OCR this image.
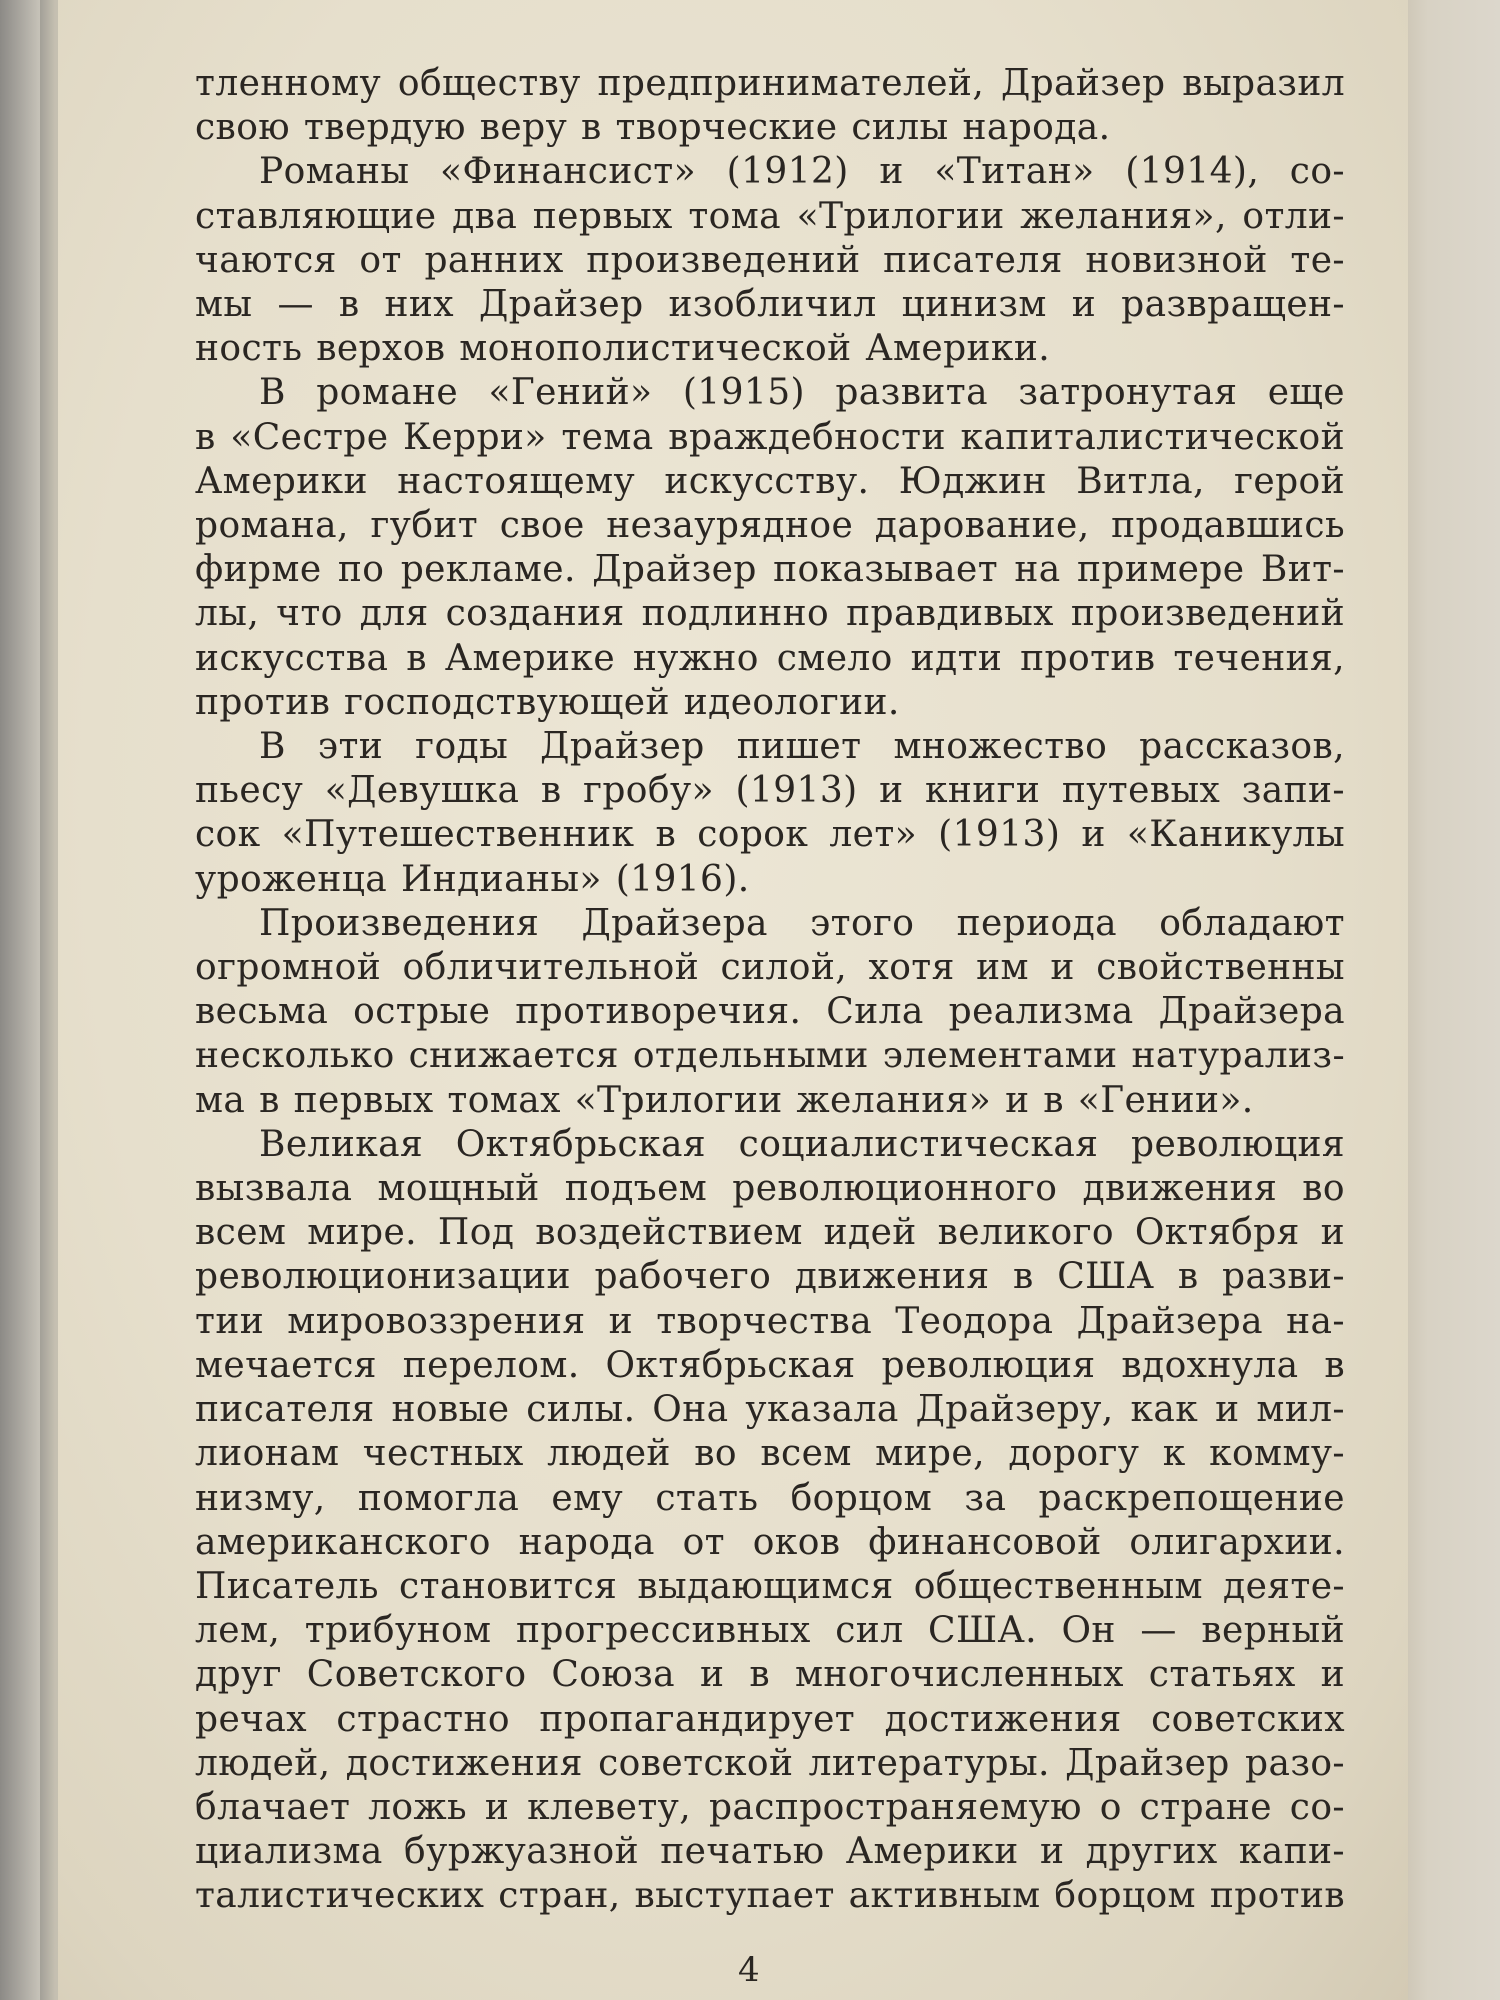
тленному обществу предпринимателей, Драйзер выразил
свою твердую веру в творческие силы народа.
Романы «Финансист» (1912) и «Титан» (1914), со-
ставляющие два первых тома «Трилогии желания», отли-
чаются от ранних произведений писателя новизной те-
мы — в них Драйзер изобличил цинизм и развращен-
ность верхов монополистической Америки.
В романе «Гений» (1915) развита затронутая еще
в «Сестре Керри» тема враждебности капиталистической
Америки настоящему искусству. Юджин Витла, герой
романа, губит свое незаурядное дарование, продавшись
фирме по рекламе. Драйзер показывает на примере Вит-
лы, что для создания подлинно правдивых произведений
искусства в Америке нужно смело идти против течения,
против господствующей идеологии.
В эти годы Драйзер пишет множество рассказов,
пьесу «Девушка в гробу» (1913) и книги путевых запи-
сок «Путешественник в сорок лет» (1913) и «Каникулы
уроженца Индианы» (1916).
Произведения Драйзера этого периода обладают
огромной обличительной силой, хотя им и свойственны
весьма острые противоречия. Сила реализма Драйзера
несколько снижается отдельными элементами натурализ-
ма в первых томах «Трилогии желания» и в «Гении».
Великая Октябрьская социалистическая революция
вызвала мощный подъем революционного движения во
всем мире. Под воздействием идей великого Октября и
революционизации рабочего движения в США в разви-
тии мировоззрения и творчества Теодора Драйзера на-
мечается перелом. Октябрьская революция вдохнула в
писателя новые силы. Она указала Драйзеру, как и мил-
лионам честных людей во всем мире, дорогу к комму-
низму, помогла ему стать борцом за раскрепощение
американского народа от оков финансовой олигархии.
Писатель становится выдающимся общественным деяте-
лем, трибуном прогрессивных сил США. Он — верный
друг Советского Союза и в многочисленных статьях и
речах страстно пропагандирует достижения советских
людей, достижения советской литературы. Драйзер разо-
блачает ложь и клевету, распространяемую о стране со-
циализма буржуазной печатью Америки и других капи-
талистических стран, выступает активным борцом против
4
